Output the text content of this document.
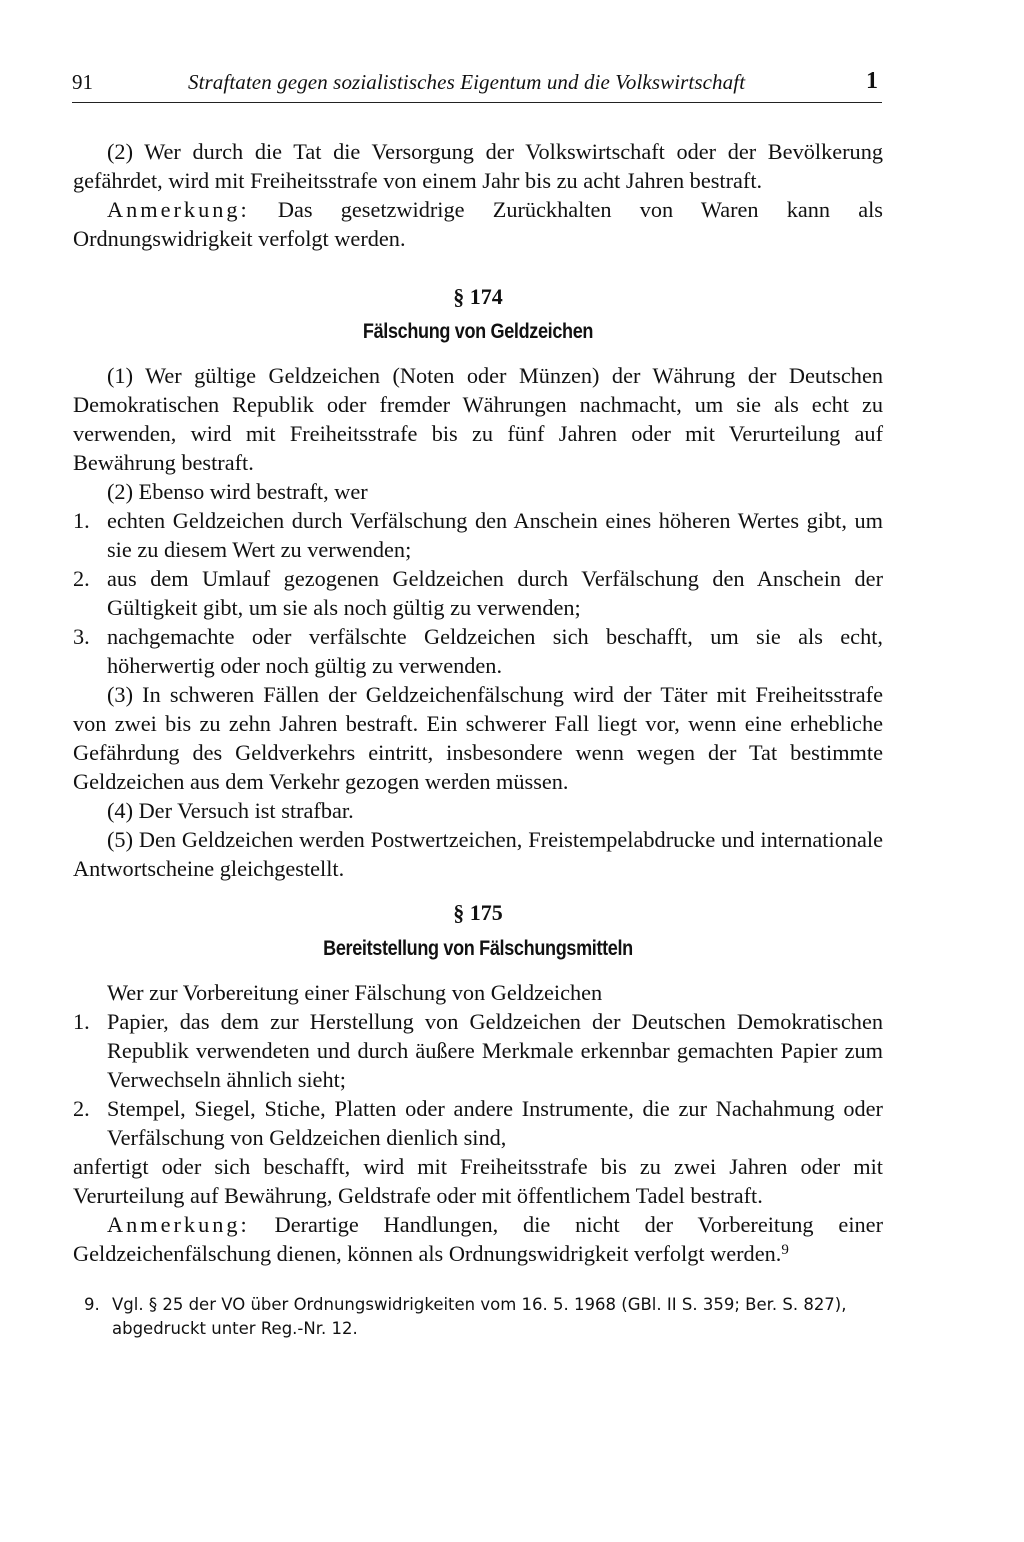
91	Straftaten gegen sozialistisches Eigentum und die Volkswirtschaft	1

(2) Wer durch die Tat die Versorgung der Volkswirtschaft oder der Bevölkerung gefährdet, wird mit Freiheitsstrafe von einem Jahr bis zu acht Jahren bestraft.

Anmerkung: Das gesetzwidrige Zurückhalten von Waren kann als Ordnungswidrigkeit verfolgt werden.

§ 174
Fälschung von Geldzeichen

(1) Wer gültige Geldzeichen (Noten oder Münzen) der Währung der Deutschen Demokratischen Republik oder fremder Währungen nachmacht, um sie als echt zu verwenden, wird mit Freiheitsstrafe bis zu fünf Jahren oder mit Verurteilung auf Bewährung bestraft.

(2) Ebenso wird bestraft, wer

1. echten Geldzeichen durch Verfälschung den Anschein eines höheren Wertes gibt, um sie zu diesem Wert zu verwenden;
2. aus dem Umlauf gezogenen Geldzeichen durch Verfälschung den Anschein der Gültigkeit gibt, um sie als noch gültig zu verwenden;
3. nachgemachte oder verfälschte Geldzeichen sich beschafft, um sie als echt, höherwertig oder noch gültig zu verwenden.

(3) In schweren Fällen der Geldzeichenfälschung wird der Täter mit Freiheitsstrafe von zwei bis zu zehn Jahren bestraft. Ein schwerer Fall liegt vor, wenn eine erhebliche Gefährdung des Geldverkehrs eintritt, insbesondere wenn wegen der Tat bestimmte Geldzeichen aus dem Verkehr gezogen werden müssen.

(4) Der Versuch ist strafbar.

(5) Den Geldzeichen werden Postwertzeichen, Freistempelabdrucke und internationale Antwortscheine gleichgestellt.

§ 175
Bereitstellung von Fälschungsmitteln

Wer zur Vorbereitung einer Fälschung von Geldzeichen

1. Papier, das dem zur Herstellung von Geldzeichen der Deutschen Demokratischen Republik verwendeten und durch äußere Merkmale erkennbar gemachten Papier zum Verwechseln ähnlich sieht;
2. Stempel, Siegel, Stiche, Platten oder andere Instrumente, die zur Nachahmung oder Verfälschung von Geldzeichen dienlich sind,

anfertigt oder sich beschafft, wird mit Freiheitsstrafe bis zu zwei Jahren oder mit Verurteilung auf Bewährung, Geldstrafe oder mit öffentlichem Tadel bestraft.

Anmerkung: Derartige Handlungen, die nicht der Vorbereitung einer Geldzeichenfälschung dienen, können als Ordnungswidrigkeit verfolgt werden.$^9$

9. Vgl. § 25 der VO über Ordnungswidrigkeiten vom 16. 5. 1968 (GBl. II S. 359; Ber. S. 827),
abgedruckt unter Reg.-Nr. 12.
